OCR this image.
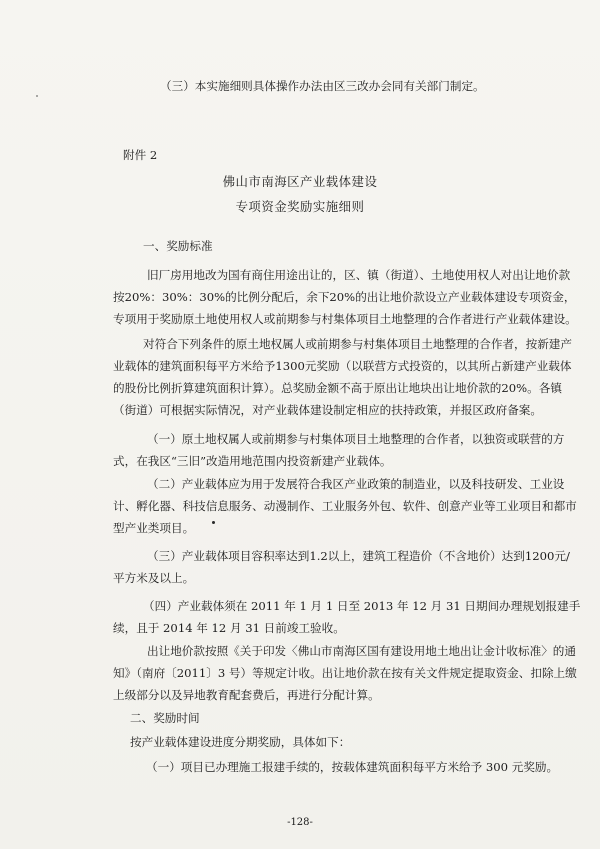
（三）本实施细则具体操作办法由区三改办会同有关部门制定。

附件 2

佛山市南海区产业载体建设

专项资金奖励实施细则

一、奖励标准

旧厂房用地改为国有商住用途出让的，区、镇（街道）、土地使用权人对出让地价款按20%：30%：30%的比例分配后，余下20%的出让地价款设立产业载体建设专项资金，专项用于奖励原土地使用权人或前期参与村集体项目土地整理的合作者进行产业载体建设。

对符合下列条件的原土地权属人或前期参与村集体项目土地整理的合作者，按新建产业载体的建筑面积每平方米给予1300元奖励（以联营方式投资的，以其所占新建产业载体的股份比例折算建筑面积计算）。总奖励金额不高于原出让地块出让地价款的20%。各镇（街道）可根据实际情况，对产业载体建设制定相应的扶持政策，并报区政府备案。

（一）原土地权属人或前期参与村集体项目土地整理的合作者，以独资或联营的方式，在我区“三旧”改造用地范围内投资新建产业载体。

（二）产业载体应为用于发展符合我区产业政策的制造业，以及科技研发、工业设计、孵化器、科技信息服务、动漫制作、工业服务外包、软件、创意产业等工业项目和都市型产业类项目。

（三）产业载体项目容积率达到1.2以上，建筑工程造价（不含地价）达到1200元/平方米及以上。

（四）产业载体须在 2011 年 1 月 1 日至 2013 年 12 月 31 日期间办理规划报建手续，且于 2014 年 12 月 31 日前竣工验收。

出让地价款按照《关于印发〈佛山市南海区国有建设用地土地出让金计收标准〉的通知》（南府〔2011〕3 号）等规定计收。出让地价款在按有关文件规定提取资金、扣除上缴上级部分以及异地教育配套费后，再进行分配计算。

二、奖励时间

按产业载体建设进度分期奖励，具体如下：

（一）项目已办理施工报建手续的，按载体建筑面积每平方米给予 300 元奖励。

-128-
